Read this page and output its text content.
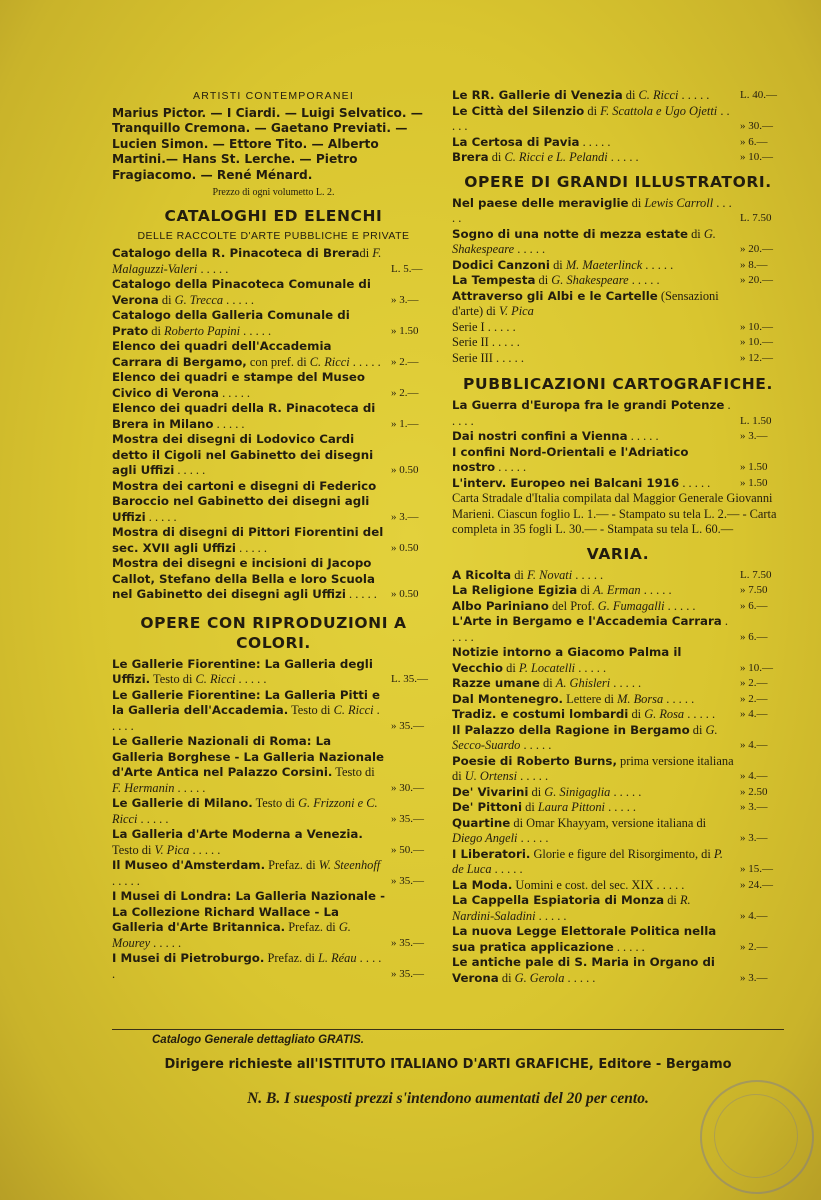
ARTISTI CONTEMPORANEI
Marius Pictor. — I Ciardi. — Luigi Selvatico. — Tranquillo Cremona. — Gaetano Previati. — Lucien Simon. — Ettore Tito. — Alberto Martini.— Hans St. Lerche. — Pietro Fragiacomo. — René Ménard.
Prezzo di ogni volumetto L. 2.
CATALOGHI ED ELENCHI
DELLE RACCOLTE D'ARTE PUBBLICHE E PRIVATE
Catalogo della R. Pinacoteca di Breradi F. Malaguzzi-Valeri . . . . .	L. 5.—
Catalogo della Pinacoteca Comunale di Verona di G. Trecca . . . . .	» 3.—
Catalogo della Galleria Comunale di Prato di Roberto Papini . . . . .	» 1.50
Elenco dei quadri dell'Accademia Carrara di Bergamo, con pref. di C. Ricci . . . . . » 2.—
Elenco dei quadri e stampe del Museo Civico di Verona . . . . .	» 2.—
Elenco dei quadri della R. Pinacoteca di Brera in Milano . . . . .	» 1.—
Mostra dei disegni di Lodovico Cardi detto il Cigoli nel Gabinetto dei disegni agli Uffizi . . . . .	» 0.50
Mostra dei cartoni e disegni di Federico Baroccio nel Gabinetto dei disegni agli Uffizi . . . . .	» 3.—
Mostra di disegni di Pittori Fiorentini del sec. XVII agli Uffizi . . . . .	» 0.50
Mostra dei disegni e incisioni di Jacopo Callot, Stefano della Bella e loro Scuola nel Gabinetto dei disegni agli Uffizi . . . . .	» 0.50
OPERE CON RIPRODUZIONI A COLORI.
Le Gallerie Fiorentine: La Galleria degli Uffizi. Testo di C. Ricci . . . . .	L. 35.—
Le Gallerie Fiorentine: La Galleria Pitti e la Galleria dell'Accademia. Testo di C. Ricci . . . . .	» 35.—
Le Gallerie Nazionali di Roma: La Galleria Borghese - La Galleria Nazionale d'Arte Antica nel Palazzo Corsini. Testo di F. Hermanin . . . . .	» 30.—
Le Gallerie di Milano. Testo di G. Frizzoni e C. Ricci . . . . .	» 35.—
La Galleria d'Arte Moderna a Venezia. Testo di V. Pica . . . . .	» 50.—
Il Museo d'Amsterdam. Prefaz. di W. Steenhoff . . . . .	» 35.—
I Musei di Londra: La Galleria Nazionale - La Collezione Richard Wallace - La Galleria d'Arte Britannica. Prefaz. di G. Mourey . . . . .	» 35.—
I Musei di Pietroburgo. Prefaz. di L. Réau . . . . .	» 35.—
Le RR. Gallerie di Venezia di C. Ricci . . . . .	L. 40.—
Le Città del Silenzio di F. Scattola e Ugo Ojetti . . . . .	» 30.—
La Certosa di Pavia . . . . .	» 6.—
Brera di C. Ricci e L. Pelandi . . . . .	» 10.—
OPERE DI GRANDI ILLUSTRATORI.
Nel paese delle meraviglie di Lewis Carroll . . . . .	L. 7.50
Sogno di una notte di mezza estate di G. Shakespeare . . . . .	» 20.—
Dodici Canzoni di M. Maeterlinck . . . . .	» 8.—
La Tempesta di G. Shakespeare . . . . .	» 20.—
Attraverso gli Albi e le Cartelle (Sensazioni d'arte) di V. Pica
Serie I . . . . .	» 10.—
Serie II . . . . .	» 10.—
Serie III . . . . .	» 12.—
PUBBLICAZIONI CARTOGRAFICHE.
La Guerra d'Europa fra le grandi Potenze . . . . .	L. 1.50
Dai nostri confini a Vienna . . . . .	» 3.—
I confini Nord-Orientali e l'Adriatico nostro . . . . .	» 1.50
L'interv. Europeo nei Balcani 1916 . . . . .	» 1.50
Carta Stradale d'Italia compilata dal Maggior Generale Giovanni Marieni. Ciascun foglio L. 1.— - Stampato su tela L. 2.— - Carta completa in 35 fogli L. 30.— - Stampata su tela L. 60.—
VARIA.
A Ricolta di F. Novati . . . . .	L. 7.50
La Religione Egizia di A. Erman . . . . .	» 7.50
Albo Pariniano del Prof. G. Fumagalli . . . . .	» 6.—
L'Arte in Bergamo e l'Accademia Carrara . . . . .	» 6.—
Notizie intorno a Giacomo Palma il Vecchio di P. Locatelli . . . . .	» 10.—
Razze umane di A. Ghisleri . . . . .	» 2.—
Dal Montenegro. Lettere di M. Borsa . . . . .	» 2.—
Tradiz. e costumi lombardi di G. Rosa . . . . .	» 4.—
Il Palazzo della Ragione in Bergamo di G. Secco-Suardo . . . . .	» 4.—
Poesie di Roberto Burns, prima versione italiana di U. Ortensi . . . . .	» 4.—
De' Vivarini di G. Sinigaglia . . . . .	» 2.50
De' Pittoni di Laura Pittoni . . . . .	» 3.—
Quartine di Omar Khayyam, versione italiana di Diego Angeli . . . . .	» 3.—
I Liberatori. Glorie e figure del Risorgimento, di P. de Luca . . . . .	» 15.—
La Moda. Uomini e cost. del sec. XIX . . . . .	» 24.—
La Cappella Espiatoria di Monza di R. Nardini-Saladini . . . . .	» 4.—
La nuova Legge Elettorale Politica nella sua pratica applicazione . . . . .	» 2.—
Le antiche pale di S. Maria in Organo di Verona di G. Gerola . . . . .	» 3.—
Catalogo Generale dettagliato GRATIS.
Dirigere richieste all'ISTITUTO ITALIANO D'ARTI GRAFICHE, Editore - Bergamo
N. B. I suesposti prezzi s'intendono aumentati del 20 per cento.
